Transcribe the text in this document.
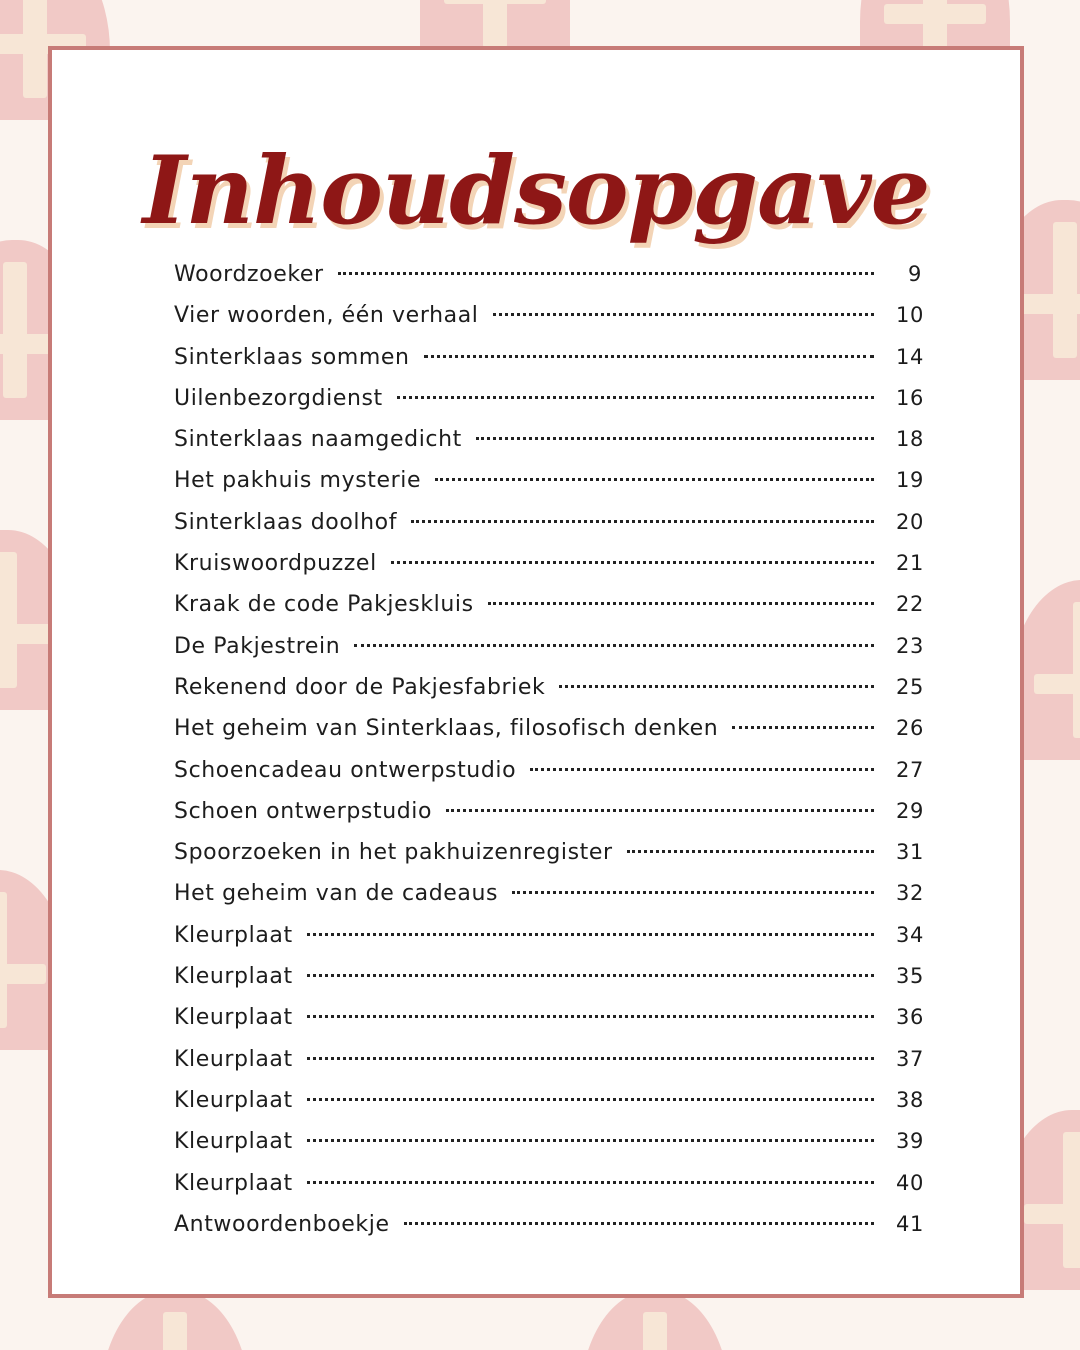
Inhoudsopgave
Woordzoeker	9
Vier woorden, één verhaal	10
Sinterklaas sommen	14
Uilenbezorgdienst	16
Sinterklaas naamgedicht	18
Het pakhuis mysterie	19
Sinterklaas doolhof	20
Kruiswoordpuzzel	21
Kraak de code Pakjeskluis	22
De Pakjestrein	23
Rekenend door de Pakjesfabriek	25
Het geheim van Sinterklaas, filosofisch denken	26
Schoencadeau ontwerpstudio	27
Schoen ontwerpstudio	29
Spoorzoeken in het pakhuizenregister	31
Het geheim van de cadeaus	32
Kleurplaat	34
Kleurplaat	35
Kleurplaat	36
Kleurplaat	37
Kleurplaat	38
Kleurplaat	39
Kleurplaat	40
Antwoordenboekje	41
